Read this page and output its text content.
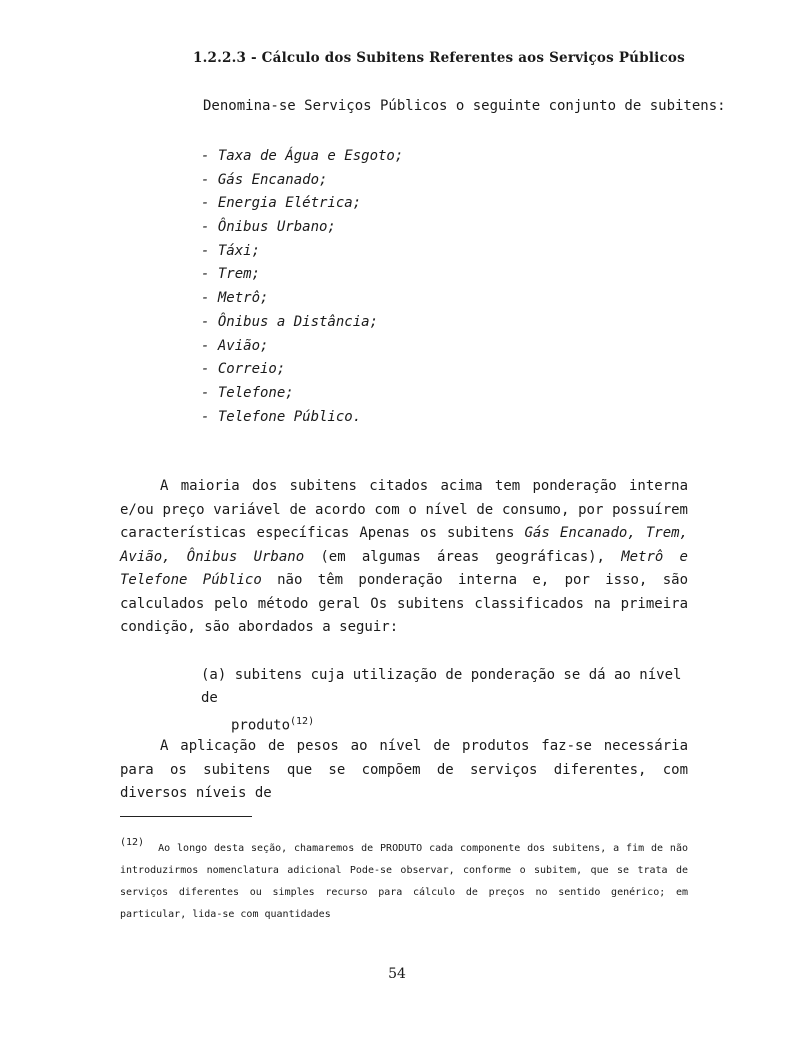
1.2.2.3 - Cálculo dos Subitens Referentes aos Serviços Públicos
Denomina-se Serviços Públicos o seguinte conjunto de subitens:
- Taxa de Água e Esgoto;
- Gás Encanado;
- Energia Elétrica;
- Ônibus Urbano;
- Táxi;
- Trem;
- Metrô;
- Ônibus a Distância;
- Avião;
- Correio;
- Telefone;
- Telefone Público.

A maioria dos subitens citados acima tem ponderação interna e/ou preço variável de acordo com o nível de consumo, por possuírem características específicas Apenas os subitens Gás Encanado, Trem, Avião, Ônibus Urbano (em algumas áreas geográficas), Metrô e Telefone Público não têm ponderação interna e, por isso, são calculados pelo método geral Os subitens classificados na primeira condição, são abordados a seguir:

(a) subitens cuja utilização de ponderação se dá ao nível de
produto$^{(12)}$

A aplicação de pesos ao nível de produtos faz-se necessária para os subitens que se compõem de serviços diferentes, com diversos níveis de

(12)Ao longo desta seção, chamaremos de PRODUTO cada componente dos subitens, a fim de não introduzirmos nomenclatura adicional Pode-se observar, conforme o subitem, que se trata de serviços diferentes ou simples recurso para cálculo de preços no sentido genérico; em particular, lida-se com quantidades

54
